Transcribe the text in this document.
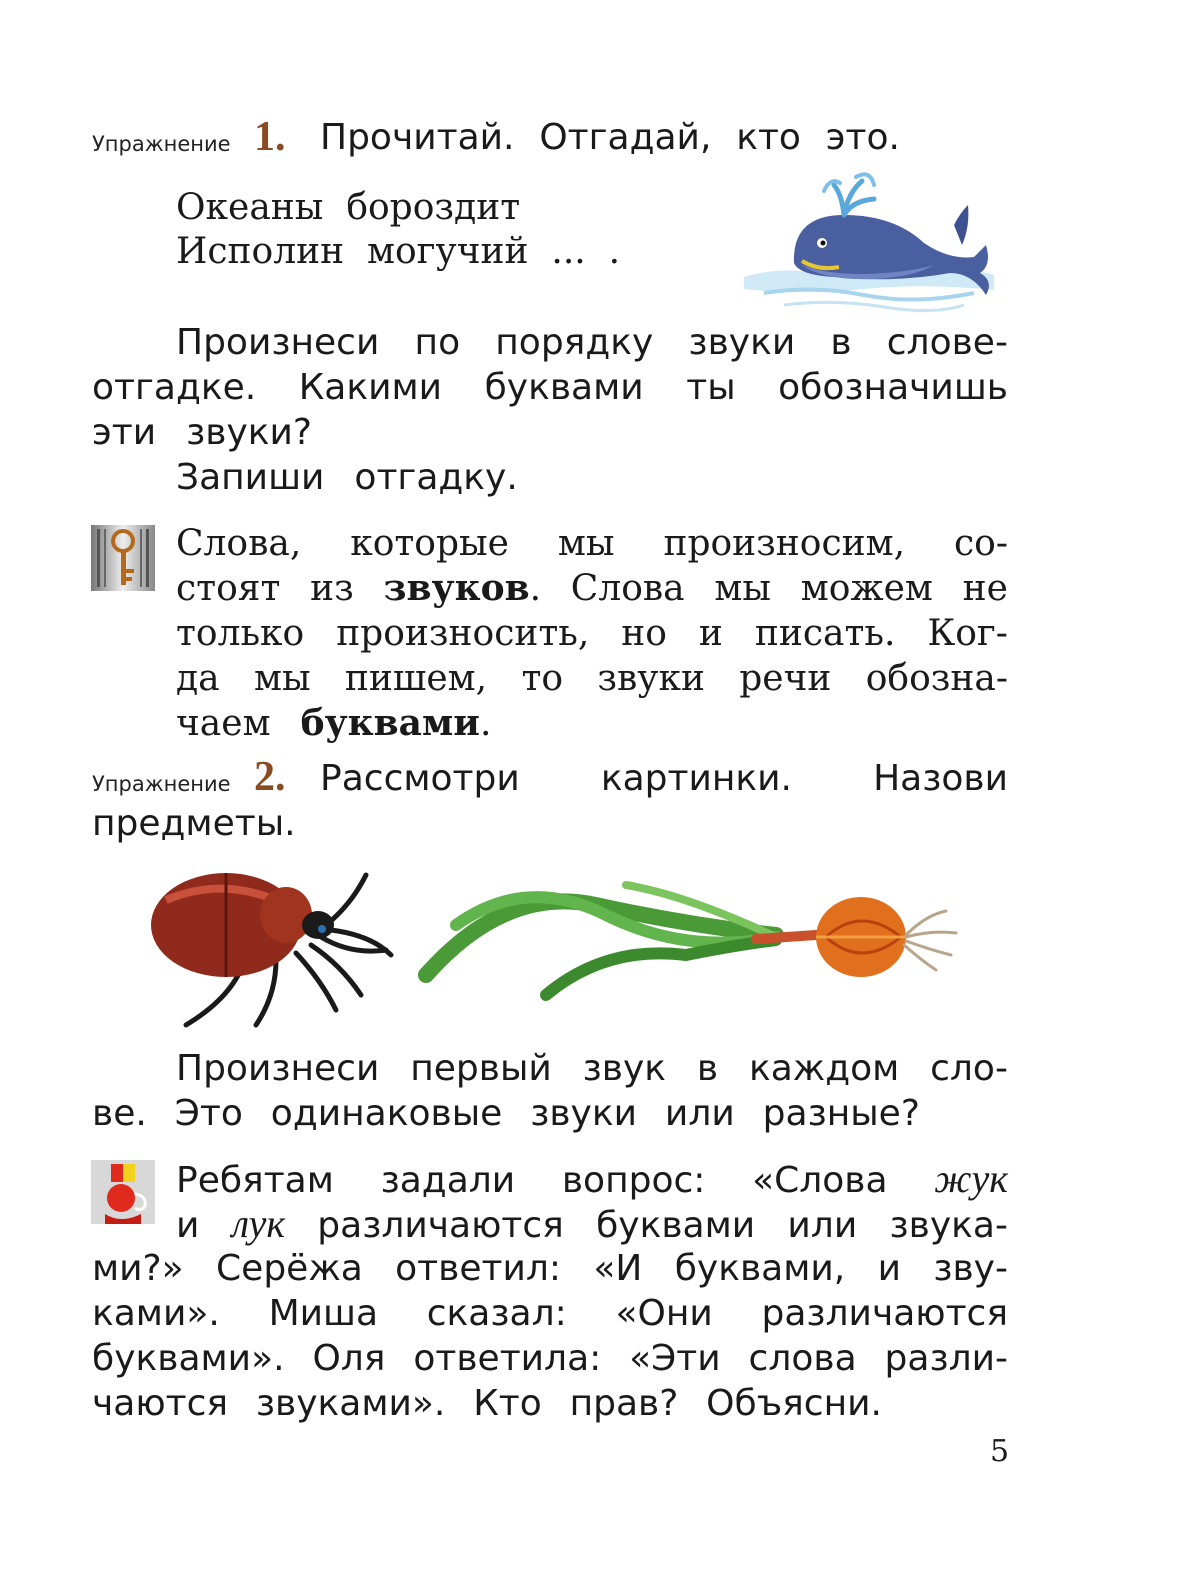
Упражнение 1. Прочитай. Отгадай, кто это.
Океаны бороздит
Исполин могучий ... .
Произнеси по порядку звуки в слове-
отгадке. Какими буквами ты обозначишь
эти звуки?
Запиши отгадку.
Слова, которые мы произносим, со-
стоят из звуков. Слова мы можем не
только произносить, но и писать. Ког-
да мы пишем, то звуки речи обозна-
чаем буквами.
Упражнение 2. Рассмотри картинки. Назови
предметы.
Произнеси первый звук в каждом сло-
ве. Это одинаковые звуки или разные?
Ребятам задали вопрос: «Слова жук
и лук различаются буквами или звука-
ми?» Серёжа ответил: «И буквами, и зву-
ками». Миша сказал: «Они различаются
буквами». Оля ответила: «Эти слова разли-
чаются звуками». Кто прав? Объясни.
5
